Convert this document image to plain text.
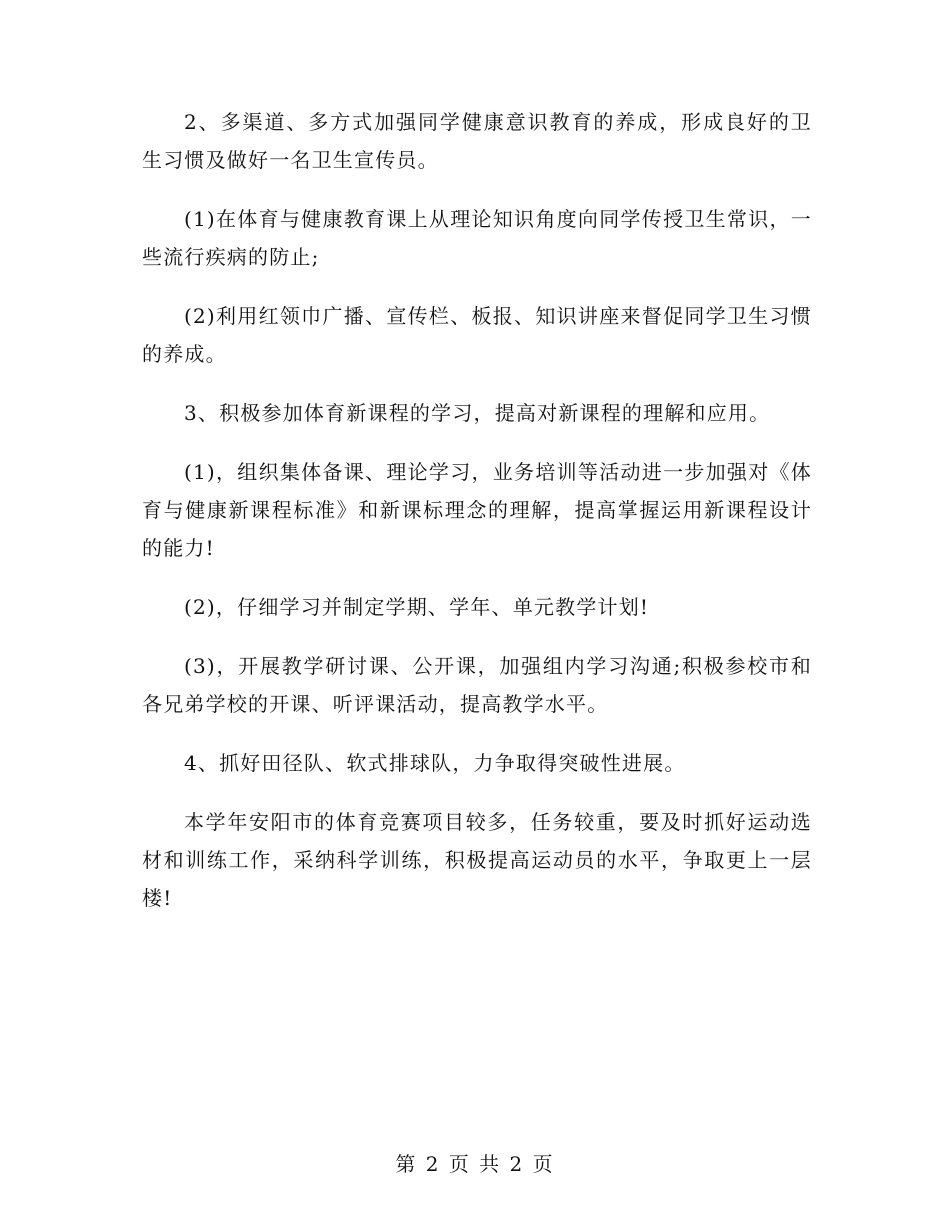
2、多渠道、多方式加强同学健康意识教育的养成，形成良好的卫生习惯及做好一名卫生宣传员。

(1)在体育与健康教育课上从理论知识角度向同学传授卫生常识，一些流行疾病的防止;

(2)利用红领巾广播、宣传栏、板报、知识讲座来督促同学卫生习惯的养成。

3、积极参加体育新课程的学习，提高对新课程的理解和应用。

(1)，组织集体备课、理论学习，业务培训等活动进一步加强对《体育与健康新课程标准》和新课标理念的理解，提高掌握运用新课程设计的能力!

(2)，仔细学习并制定学期、学年、单元教学计划!

(3)，开展教学研讨课、公开课，加强组内学习沟通;积极参校市和各兄弟学校的开课、听评课活动，提高教学水平。

4、抓好田径队、软式排球队，力争取得突破性进展。

本学年安阳市的体育竞赛项目较多，任务较重，要及时抓好运动选材和训练工作，采纳科学训练，积极提高运动员的水平，争取更上一层楼!

第 2 页 共 2 页
